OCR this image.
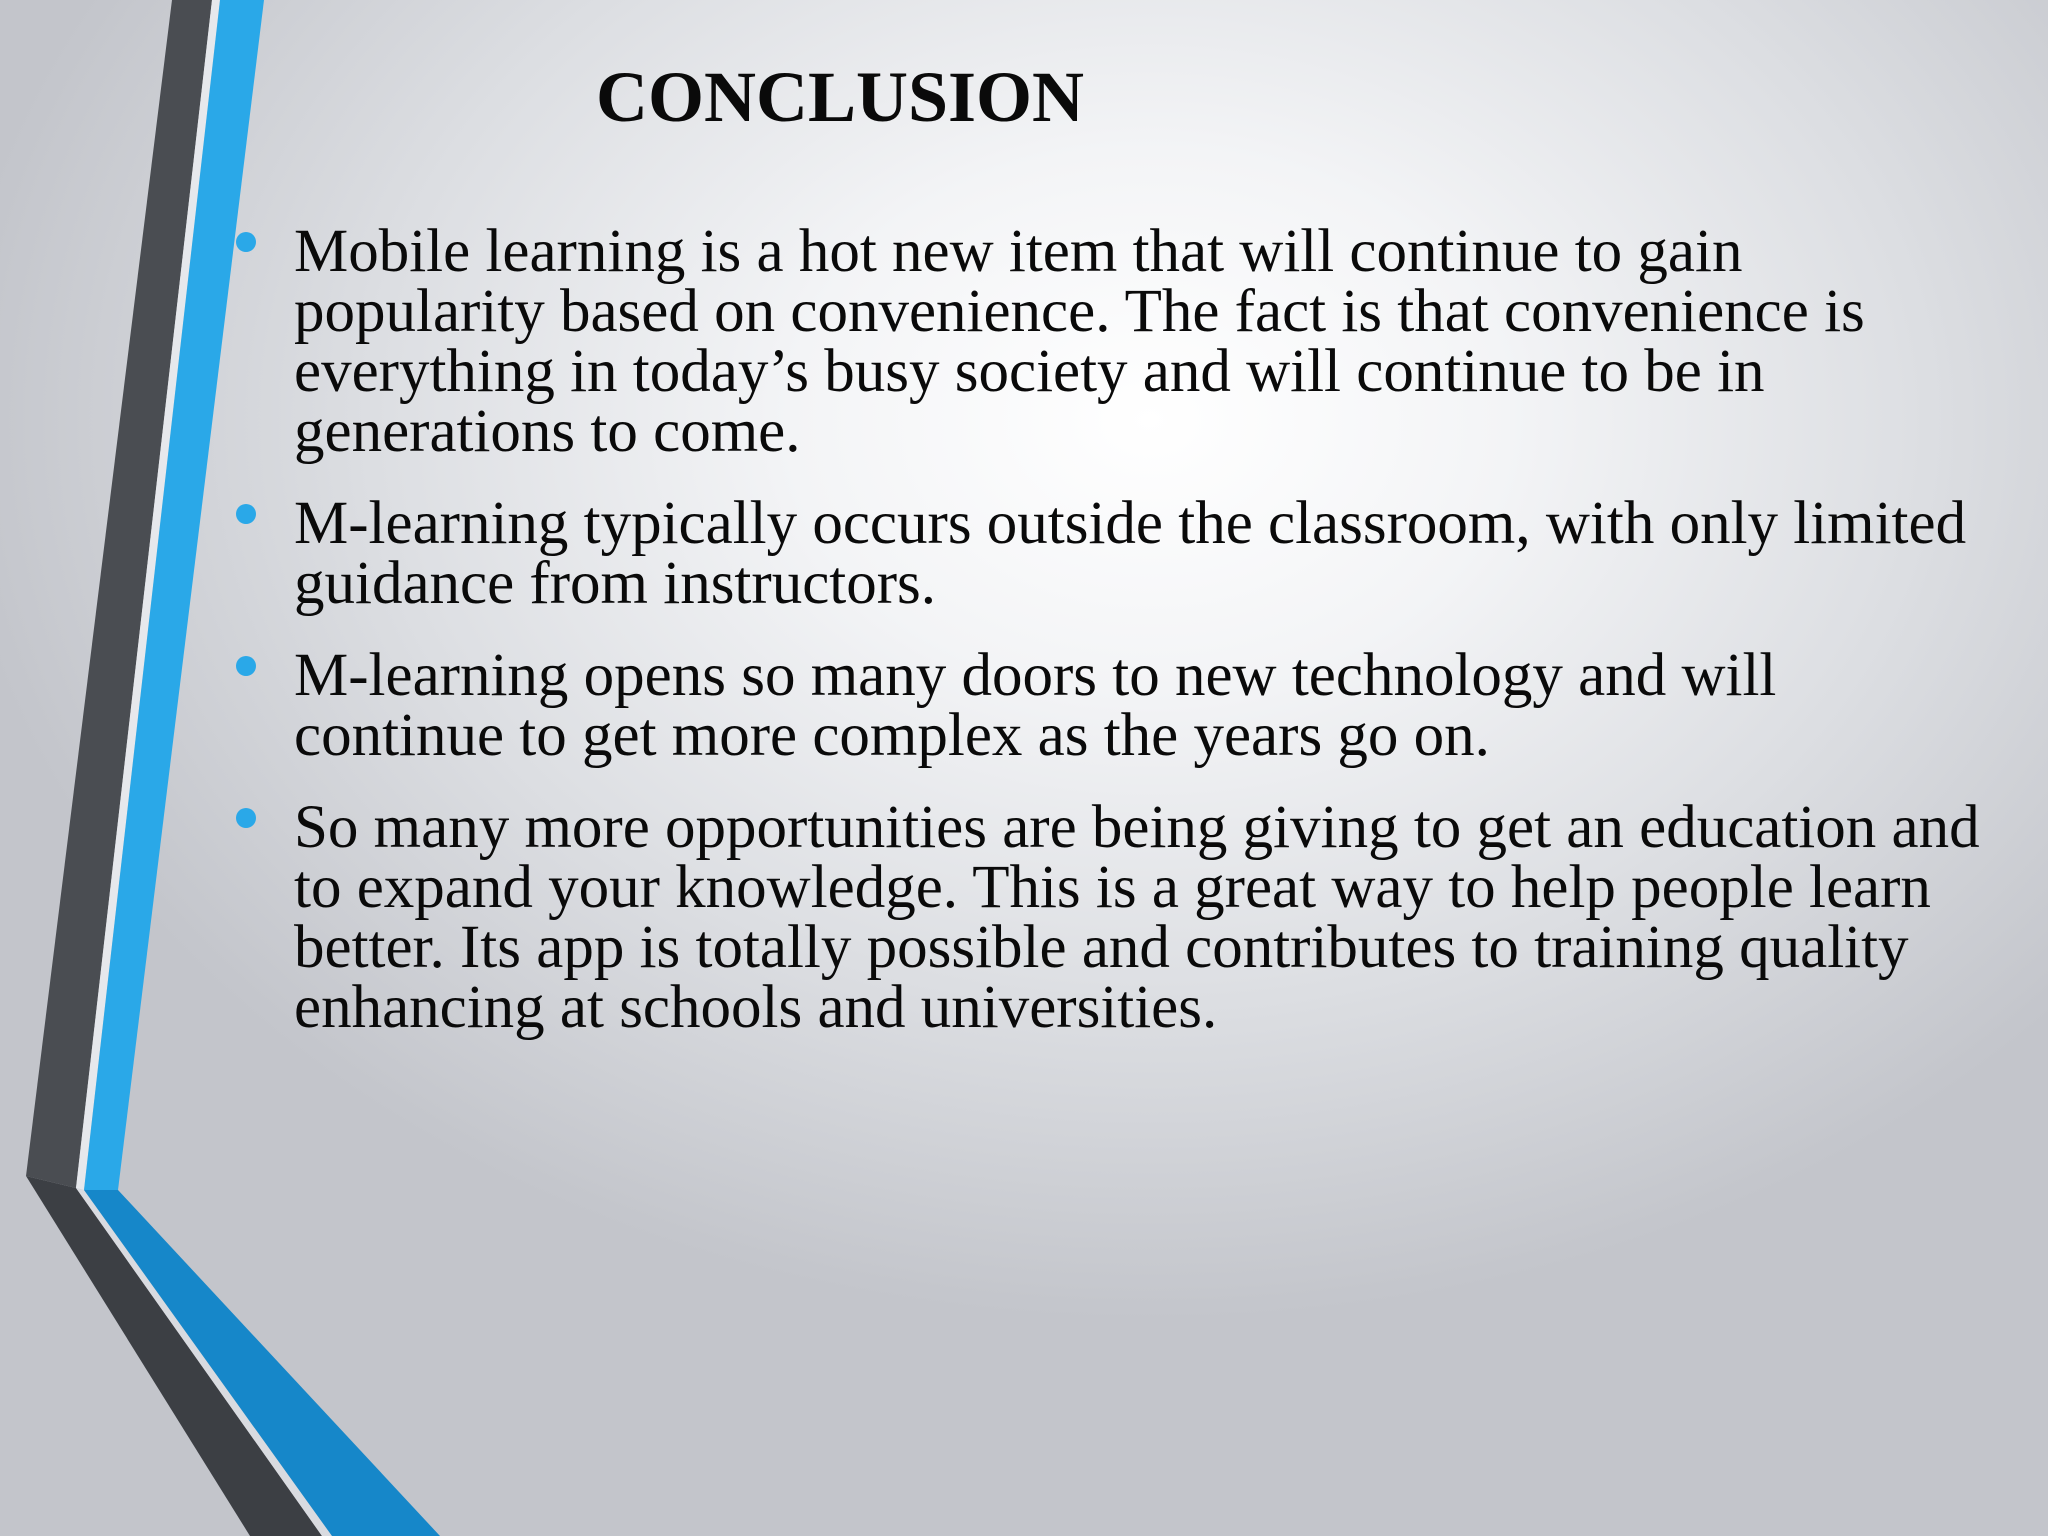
CONCLUSION
Mobile learning is a hot new item that will continue to gain popularity based on convenience. The fact is that convenience is everything in today’s busy society and will continue to be in generations to come.
M-learning typically occurs outside the classroom, with only limited guidance from instructors.
M-learning opens so many doors to new technology and will continue to get more complex as the years go on.
So many more opportunities are being giving to get an education and to expand your knowledge. This is a great way to help people learn better. Its app is totally possible and contributes to training quality enhancing at schools and universities.
